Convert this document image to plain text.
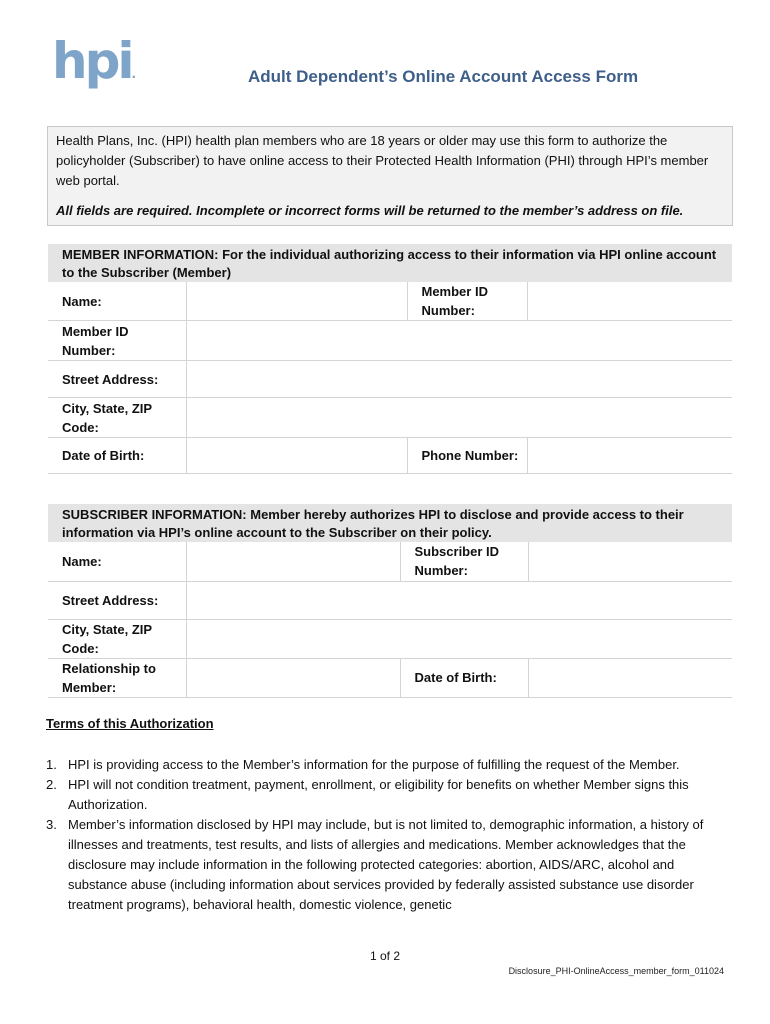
hpi.	Adult Dependent’s Online Account Access Form

Health Plans, Inc. (HPI) health plan members who are 18 years or older may use this form to authorize the policyholder (Subscriber) to have online access to their Protected Health Information (PHI) through HPI’s member web portal.

All fields are required. Incomplete or incorrect forms will be returned to the member’s address on file.

MEMBER INFORMATION: For the individual authorizing access to their information via HPI online account to the Subscriber (Member)			
Name:		Member ID Number:	
Member ID Number:			
Street Address:			
City, State, ZIP Code:			
Date of Birth:		Phone Number:	
SUBSCRIBER INFORMATION: Member hereby authorizes HPI to disclose and provide access to their information via HPI’s online account to the Subscriber on their policy.			
Name:		Subscriber ID Number:	
Street Address:			
City, State, ZIP Code:			
Relationship to Member:		Date of Birth:	
Terms of this Authorization
1. HPI is providing access to the Member’s information for the purpose of fulfilling the request of the Member.
2. HPI will not condition treatment, payment, enrollment, or eligibility for benefits on whether Member signs this Authorization.
3. Member’s information disclosed by HPI may include, but is not limited to, demographic information, a history of illnesses and treatments, test results, and lists of allergies and medications. Member acknowledges that the disclosure may include information in the following protected categories: abortion, AIDS/ARC, alcohol and substance abuse (including information about services provided by federally assisted substance use disorder treatment programs), behavioral health, domestic violence, genetic
1 of 2
Disclosure_PHI-OnlineAccess_member_form_011024
